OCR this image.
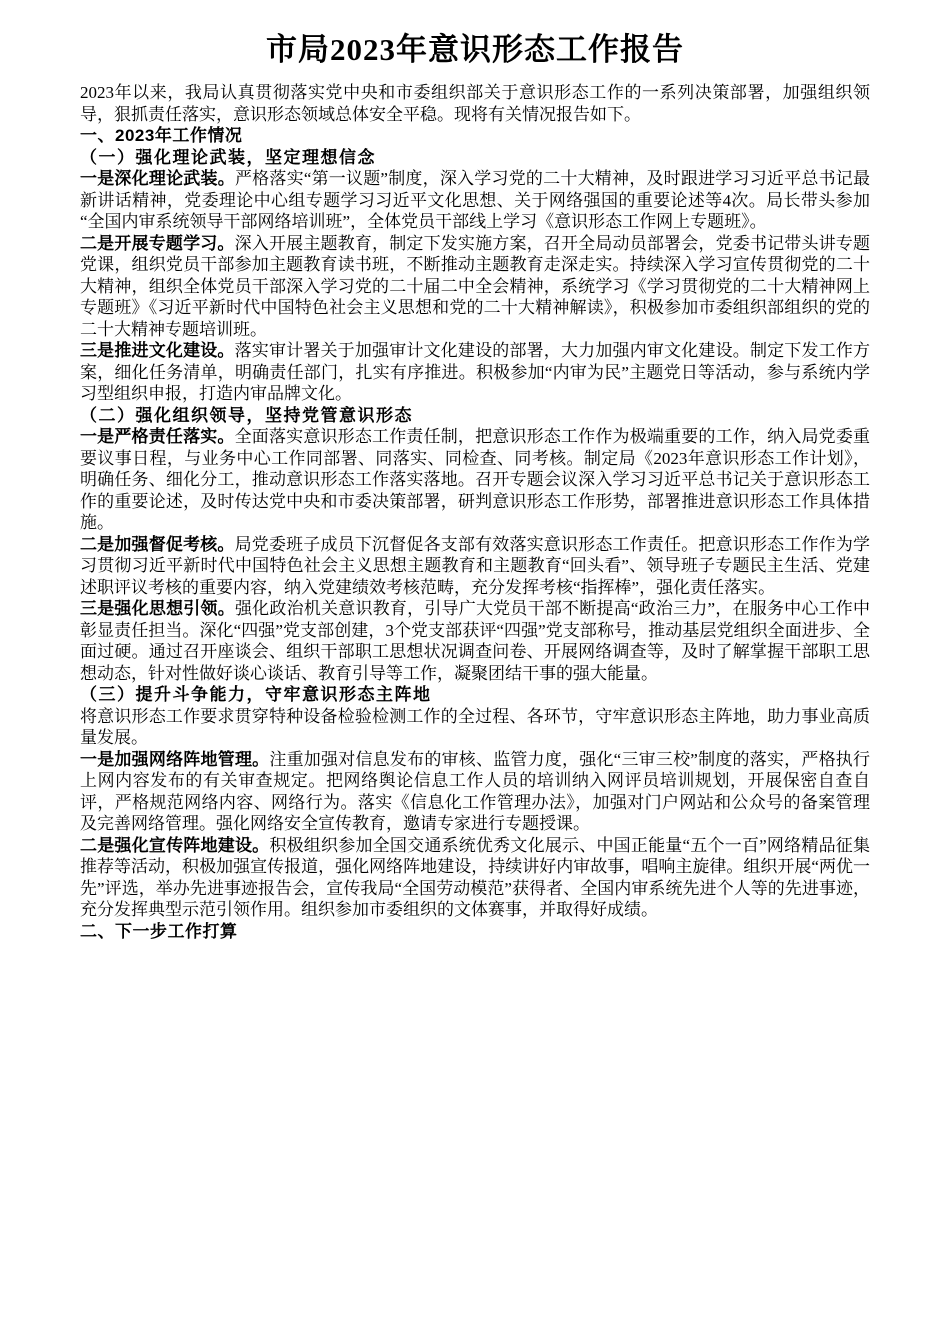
市局2023年意识形态工作报告

2023年以来，我局认真贯彻落实党中央和市委组织部关于意识形态工作的一系列决策部署，加强组织领导，狠抓责任落实，意识形态领域总体安全平稳。现将有关情况报告如下。

一、2023年工作情况

（一）强化理论武装，坚定理想信念

一是深化理论武装。严格落实“第一议题”制度，深入学习党的二十大精神，及时跟进学习习近平总书记最新讲话精神，党委理论中心组专题学习习近平文化思想、关于网络强国的重要论述等4次。局长带头参加“全国内审系统领导干部网络培训班”，全体党员干部线上学习《意识形态工作网上专题班》。

二是开展专题学习。深入开展主题教育，制定下发实施方案，召开全局动员部署会，党委书记带头讲专题党课，组织党员干部参加主题教育读书班，不断推动主题教育走深走实。持续深入学习宣传贯彻党的二十大精神，组织全体党员干部深入学习党的二十届二中全会精神，系统学习《学习贯彻党的二十大精神网上专题班》《习近平新时代中国特色社会主义思想和党的二十大精神解读》，积极参加市委组织部组织的党的二十大精神专题培训班。

三是推进文化建设。落实审计署关于加强审计文化建设的部署，大力加强内审文化建设。制定下发工作方案，细化任务清单，明确责任部门，扎实有序推进。积极参加“内审为民”主题党日等活动，参与系统内学习型组织申报，打造内审品牌文化。

（二）强化组织领导，坚持党管意识形态

一是严格责任落实。全面落实意识形态工作责任制，把意识形态工作作为极端重要的工作，纳入局党委重要议事日程，与业务中心工作同部署、同落实、同检查、同考核。制定局《2023年意识形态工作计划》，明确任务、细化分工，推动意识形态工作落实落地。召开专题会议深入学习习近平总书记关于意识形态工作的重要论述，及时传达党中央和市委决策部署，研判意识形态工作形势，部署推进意识形态工作具体措施。

二是加强督促考核。局党委班子成员下沉督促各支部有效落实意识形态工作责任。把意识形态工作作为学习贯彻习近平新时代中国特色社会主义思想主题教育和主题教育“回头看”、领导班子专题民主生活、党建述职评议考核的重要内容，纳入党建绩效考核范畴，充分发挥考核“指挥棒”，强化责任落实。

三是强化思想引领。强化政治机关意识教育，引导广大党员干部不断提高“政治三力”，在服务中心工作中彰显责任担当。深化“四强”党支部创建，3个党支部获评“四强”党支部称号，推动基层党组织全面进步、全面过硬。通过召开座谈会、组织干部职工思想状况调查问卷、开展网络调查等，及时了解掌握干部职工思想动态，针对性做好谈心谈话、教育引导等工作，凝聚团结干事的强大能量。

（三）提升斗争能力，守牢意识形态主阵地

将意识形态工作要求贯穿特种设备检验检测工作的全过程、各环节，守牢意识形态主阵地，助力事业高质量发展。

一是加强网络阵地管理。注重加强对信息发布的审核、监管力度，强化“三审三校”制度的落实，严格执行上网内容发布的有关审查规定。把网络舆论信息工作人员的培训纳入网评员培训规划，开展保密自查自评，严格规范网络内容、网络行为。落实《信息化工作管理办法》，加强对门户网站和公众号的备案管理及完善网络管理。强化网络安全宣传教育，邀请专家进行专题授课。

二是强化宣传阵地建设。积极组织参加全国交通系统优秀文化展示、中国正能量“五个一百”网络精品征集推荐等活动，积极加强宣传报道，强化网络阵地建设，持续讲好内审故事，唱响主旋律。组织开展“两优一先”评选，举办先进事迹报告会，宣传我局“全国劳动模范”获得者、全国内审系统先进个人等的先进事迹，充分发挥典型示范引领作用。组织参加市委组织的文体赛事，并取得好成绩。

二、下一步工作打算
